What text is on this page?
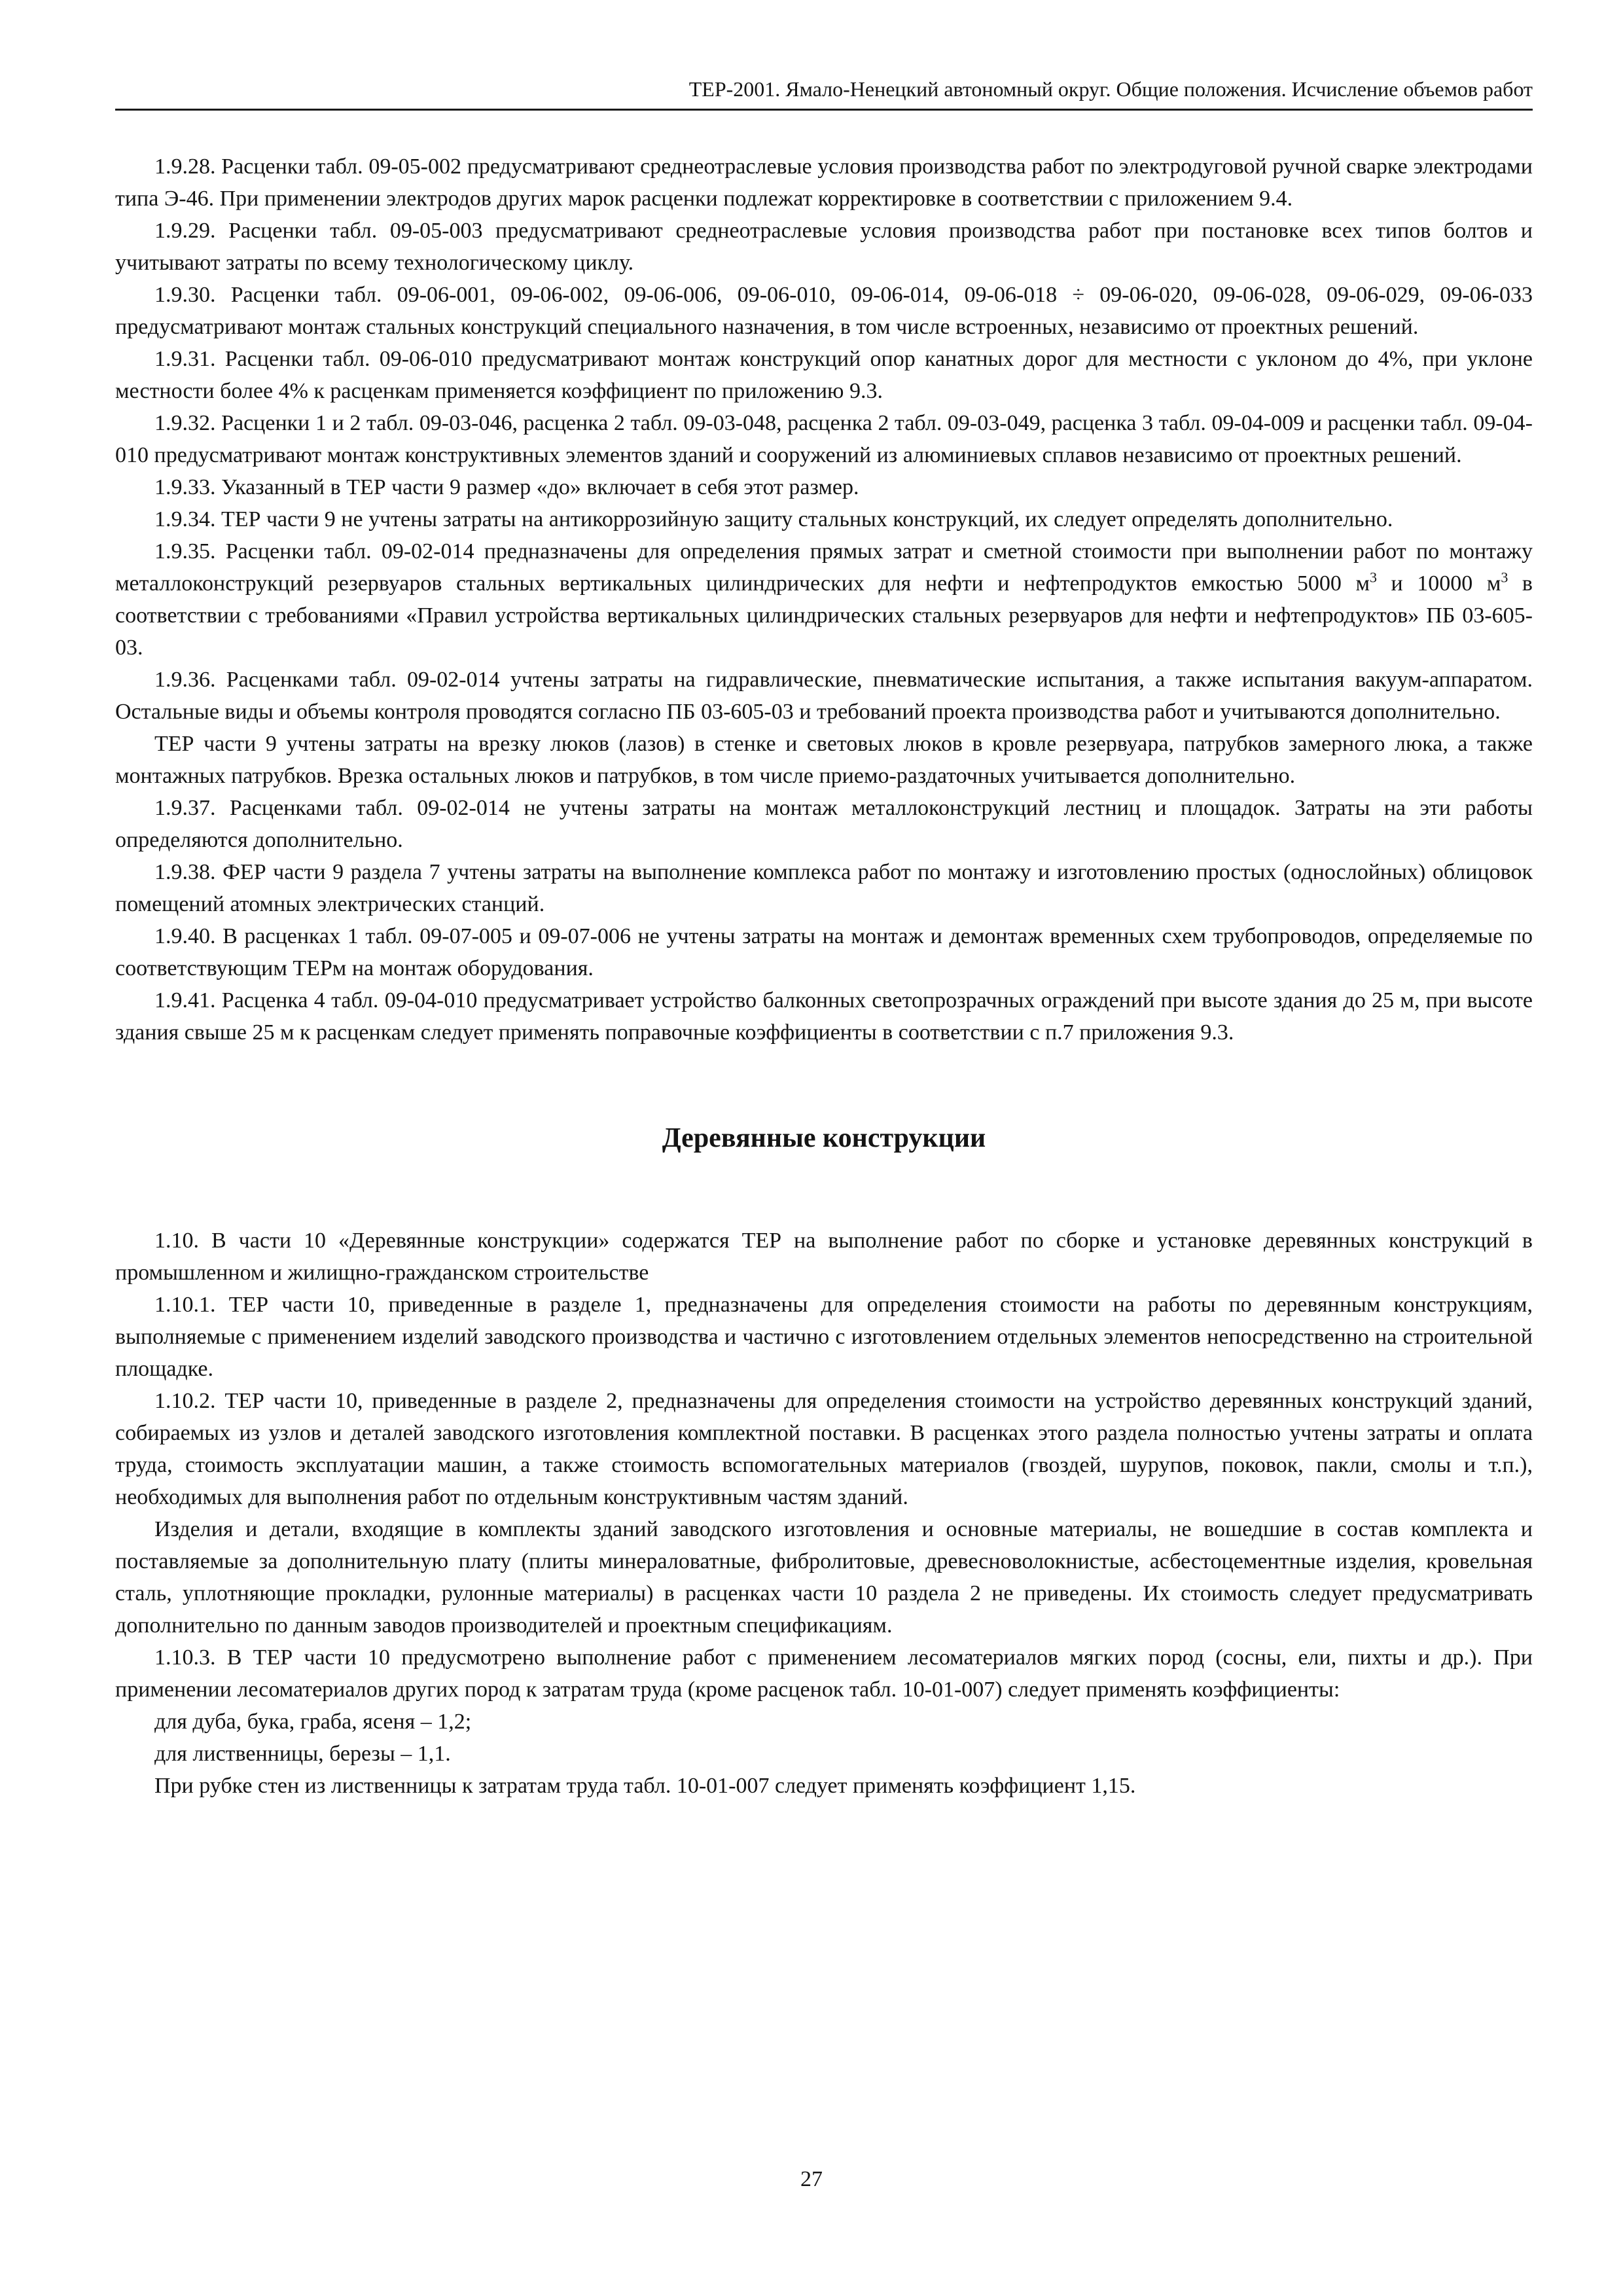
ТЕР-2001. Ямало-Ненецкий автономный округ. Общие положения. Исчисление объемов работ

1.9.28. Расценки табл. 09-05-002 предусматривают среднеотраслевые условия производства работ по электродуговой ручной сварке электродами типа Э-46. При применении электродов других марок расценки подлежат корректировке в соответствии с приложением 9.4.

1.9.29. Расценки табл. 09-05-003 предусматривают среднеотраслевые условия производства работ при постановке всех типов болтов и учитывают затраты по всему технологическому циклу.

1.9.30. Расценки табл. 09-06-001, 09-06-002, 09-06-006, 09-06-010, 09-06-014, 09-06-018 ÷ 09-06-020, 09-06-028, 09-06-029, 09-06-033 предусматривают монтаж стальных конструкций специального назначения, в том числе встроенных, независимо от проектных решений.

1.9.31. Расценки табл. 09-06-010 предусматривают монтаж конструкций опор канатных дорог для местности с уклоном до 4%, при уклоне местности более 4% к расценкам применяется коэффициент по приложению 9.3.

1.9.32. Расценки 1 и 2 табл. 09-03-046, расценка 2 табл. 09-03-048, расценка 2 табл. 09-03-049, расценка 3 табл. 09-04-009 и расценки табл. 09-04-010 предусматривают монтаж конструктивных элементов зданий и сооружений из алюминиевых сплавов независимо от проектных решений.

1.9.33. Указанный в ТЕР части 9 размер «до» включает в себя этот размер.

1.9.34. ТЕР части 9 не учтены затраты на антикоррозийную защиту стальных конструкций, их следует определять дополнительно.

1.9.35. Расценки табл. 09-02-014 предназначены для определения прямых затрат и сметной стоимости при выполнении работ по монтажу металлоконструкций резервуаров стальных вертикальных цилиндрических для нефти и нефтепродуктов емкостью 5000 $м^3$ и 10000 $м^3$ в соответствии с требованиями «Правил устройства вертикальных цилиндрических стальных резервуаров для нефти и нефтепродуктов» ПБ 03-605-03.

1.9.36. Расценками табл. 09-02-014 учтены затраты на гидравлические, пневматические испытания, а также испытания вакуум-аппаратом. Остальные виды и объемы контроля проводятся согласно ПБ 03-605-03 и требований проекта производства работ и учитываются дополнительно.

ТЕР части 9 учтены затраты на врезку люков (лазов) в стенке и световых люков в кровле резервуара, патрубков замерного люка, а также монтажных патрубков. Врезка остальных люков и патрубков, в том числе приемо-раздаточных учитывается дополнительно.

1.9.37. Расценками табл. 09-02-014 не учтены затраты на монтаж металлоконструкций лестниц и площадок. Затраты на эти работы определяются дополнительно.

1.9.38. ФЕР части 9 раздела 7 учтены затраты на выполнение комплекса работ по монтажу и изготовлению простых (однослойных) облицовок помещений атомных электрических станций.

1.9.40. В расценках 1 табл. 09-07-005 и 09-07-006 не учтены затраты на монтаж и демонтаж временных схем трубопроводов, определяемые по соответствующим ТЕРм на монтаж оборудования.

1.9.41. Расценка 4 табл. 09-04-010 предусматривает устройство балконных светопрозрачных ограждений при высоте здания до 25 м, при высоте здания свыше 25 м к расценкам следует применять поправочные коэффициенты в соответствии с п.7 приложения 9.3.

Деревянные конструкции

1.10. В части 10 «Деревянные конструкции» содержатся ТЕР на выполнение работ по сборке и установке деревянных конструкций в промышленном и жилищно-гражданском строительстве

1.10.1. ТЕР части 10, приведенные в разделе 1, предназначены для определения стоимости на работы по деревянным конструкциям, выполняемые с применением изделий заводского производства и частично с изготовлением отдельных элементов непосредственно на строительной площадке.

1.10.2. ТЕР части 10, приведенные в разделе 2, предназначены для определения стоимости на устройство деревянных конструкций зданий, собираемых из узлов и деталей заводского изготовления комплектной поставки. В расценках этого раздела полностью учтены затраты и оплата труда, стоимость эксплуатации машин, а также стоимость вспомогательных материалов (гвоздей, шурупов, поковок, пакли, смолы и т.п.), необходимых для выполнения работ по отдельным конструктивным частям зданий.

Изделия и детали, входящие в комплекты зданий заводского изготовления и основные материалы, не вошедшие в состав комплекта и поставляемые за дополнительную плату (плиты минераловатные, фибролитовые, древесноволокнистые, асбестоцементные изделия, кровельная сталь, уплотняющие прокладки, рулонные материалы) в расценках части 10 раздела 2 не приведены. Их стоимость следует предусматривать дополнительно по данным заводов производителей и проектным спецификациям.

1.10.3. В ТЕР части 10 предусмотрено выполнение работ с применением лесоматериалов мягких пород (сосны, ели, пихты и др.). При применении лесоматериалов других пород к затратам труда (кроме расценок табл. 10-01-007) следует применять коэффициенты:

для дуба, бука, граба, ясеня – 1,2;

для лиственницы, березы – 1,1.

При рубке стен из лиственницы к затратам труда табл. 10-01-007 следует применять коэффициент 1,15.

27
